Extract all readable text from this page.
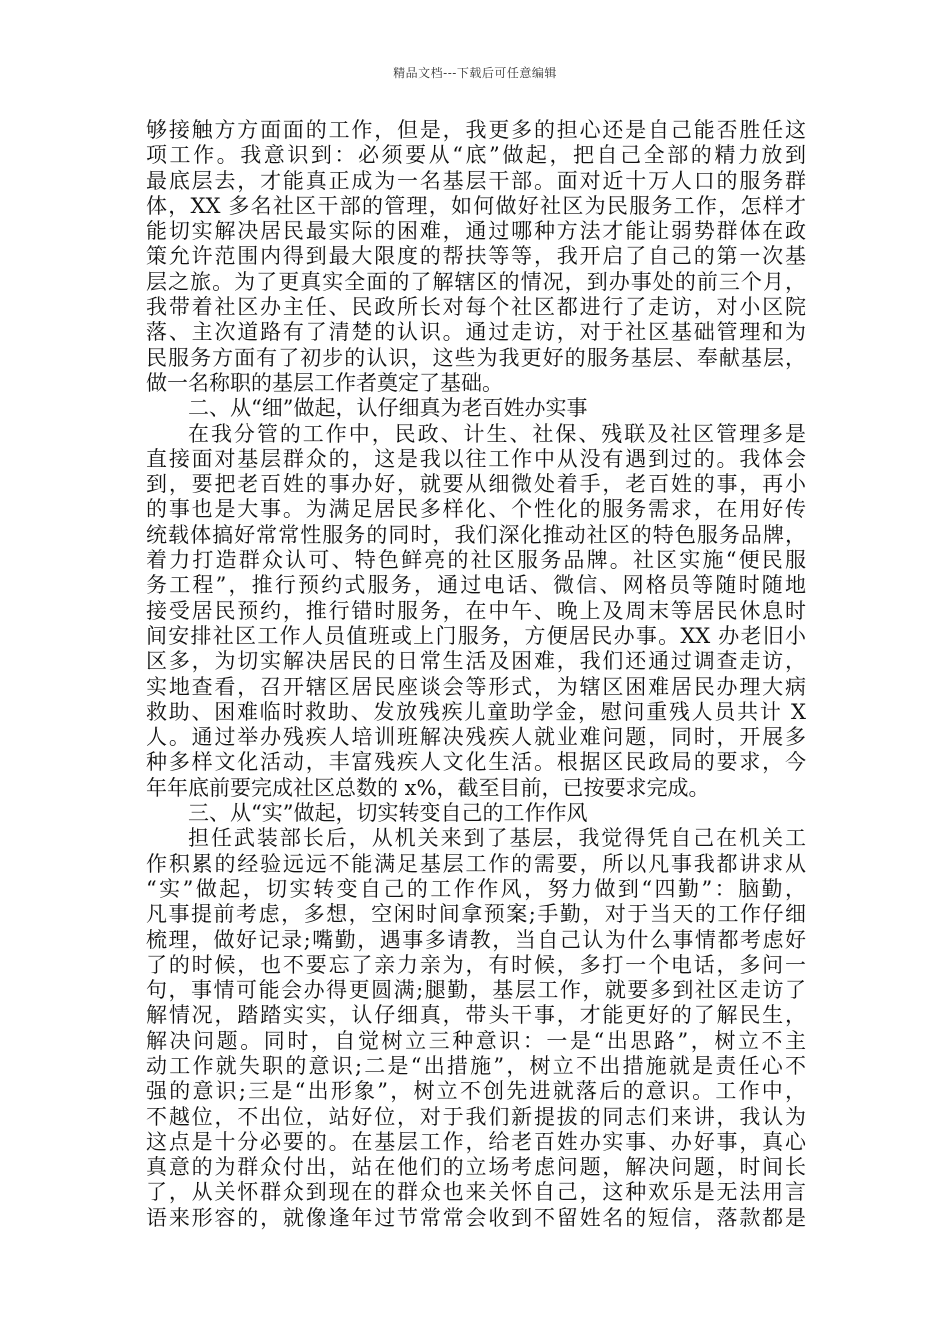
精品文档---下载后可任意编辑
够接触方方面面的工作，但是，我更多的担心还是自己能否胜任这
项工作。我意识到：必须要从“底”做起，把自己全部的精力放到
最底层去，才能真正成为一名基层干部。面对近十万人口的服务群
体，XX 多名社区干部的管理，如何做好社区为民服务工作，怎样才
能切实解决居民最实际的困难，通过哪种方法才能让弱势群体在政
策允许范围内得到最大限度的帮扶等等，我开启了自己的第一次基
层之旅。为了更真实全面的了解辖区的情况，到办事处的前三个月，
我带着社区办主任、民政所长对每个社区都进行了走访，对小区院
落、主次道路有了清楚的认识。通过走访，对于社区基础管理和为
民服务方面有了初步的认识，这些为我更好的服务基层、奉献基层，
做一名称职的基层工作者奠定了基础。
二、从“细”做起，认仔细真为老百姓办实事
在我分管的工作中，民政、计生、社保、残联及社区管理多是
直接面对基层群众的，这是我以往工作中从没有遇到过的。我体会
到，要把老百姓的事办好，就要从细微处着手，老百姓的事，再小
的事也是大事。为满足居民多样化、个性化的服务需求，在用好传
统载体搞好常常性服务的同时，我们深化推动社区的特色服务品牌，
着力打造群众认可、特色鲜亮的社区服务品牌。社区实施“便民服
务工程”，推行预约式服务，通过电话、微信、网格员等随时随地
接受居民预约，推行错时服务，在中午、晚上及周末等居民休息时
间安排社区工作人员值班或上门服务，方便居民办事。XX 办老旧小
区多，为切实解决居民的日常生活及困难，我们还通过调查走访，
实地查看，召开辖区居民座谈会等形式，为辖区困难居民办理大病
救助、困难临时救助、发放残疾儿童助学金，慰问重残人员共计 X
人。通过举办残疾人培训班解决残疾人就业难问题，同时，开展多
种多样文化活动，丰富残疾人文化生活。根据区民政局的要求，今
年年底前要完成社区总数的 x%，截至目前，已按要求完成。
三、从“实”做起，切实转变自己的工作作风
担任武装部长后，从机关来到了基层，我觉得凭自己在机关工
作积累的经验远远不能满足基层工作的需要，所以凡事我都讲求从
“实”做起，切实转变自己的工作作风，努力做到“四勤”：脑勤，
凡事提前考虑，多想，空闲时间拿预案;手勤，对于当天的工作仔细
梳理，做好记录;嘴勤，遇事多请教，当自己认为什么事情都考虑好
了的时候，也不要忘了亲力亲为，有时候，多打一个电话，多问一
句，事情可能会办得更圆满;腿勤，基层工作，就要多到社区走访了
解情况，踏踏实实，认仔细真，带头干事，才能更好的了解民生，
解决问题。同时，自觉树立三种意识：一是“出思路”，树立不主
动工作就失职的意识;二是“出措施”，树立不出措施就是责任心不
强的意识;三是“出形象”，树立不创先进就落后的意识。工作中，
不越位，不出位，站好位，对于我们新提拔的同志们来讲，我认为
这点是十分必要的。在基层工作，给老百姓办实事、办好事，真心
真意的为群众付出，站在他们的立场考虑问题，解决问题，时间长
了，从关怀群众到现在的群众也来关怀自己，这种欢乐是无法用言
语来形容的，就像逢年过节常常会收到不留姓名的短信，落款都是
